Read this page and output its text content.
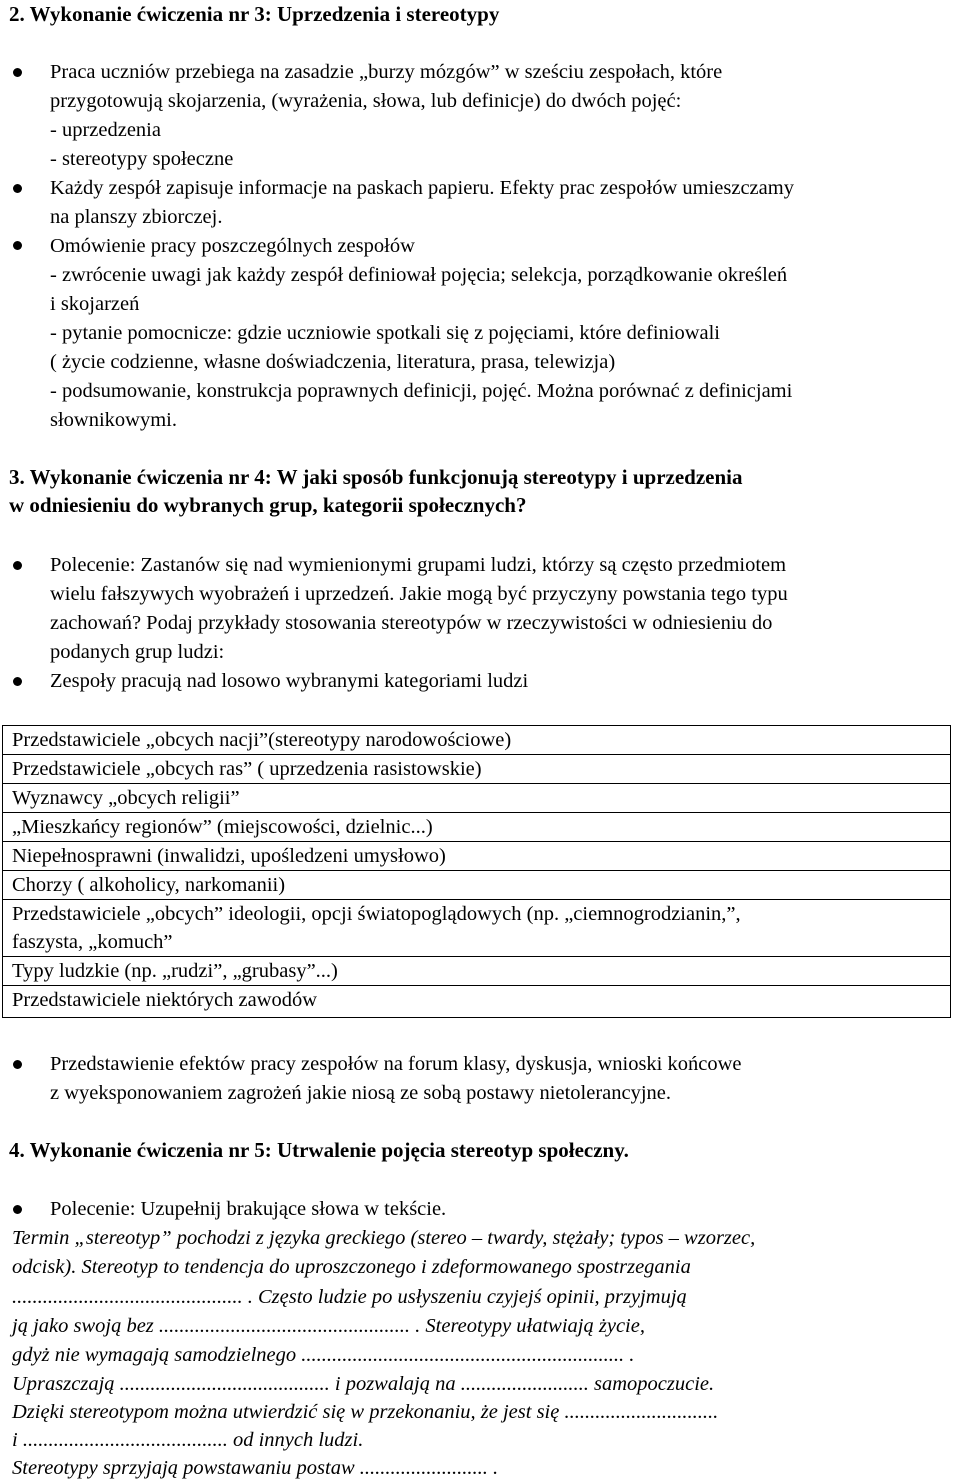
2. Wykonanie ćwiczenia nr 3: Uprzedzenia i stereotypy
Praca uczniów przebiega na zasadzie „burzy mózgów” w sześciu zespołach, które
przygotowują skojarzenia, (wyrażenia, słowa, lub definicje) do dwóch pojęć:
- uprzedzenia
- stereotypy społeczne
Każdy zespół zapisuje informacje na paskach papieru. Efekty prac zespołów umieszczamy
na planszy zbiorczej.
Omówienie pracy poszczególnych zespołów
- zwrócenie uwagi jak każdy zespół definiował pojęcia; selekcja, porządkowanie określeń
i skojarzeń
- pytanie pomocnicze: gdzie uczniowie spotkali się z pojęciami, które definiowali
( życie codzienne, własne doświadczenia, literatura, prasa, telewizja)
- podsumowanie, konstrukcja poprawnych definicji, pojęć. Można porównać z definicjami
słownikowymi.
3. Wykonanie ćwiczenia nr 4: W jaki sposób funkcjonują stereotypy i uprzedzenia
w odniesieniu do wybranych grup, kategorii społecznych?
Polecenie: Zastanów się nad wymienionymi grupami ludzi, którzy są często przedmiotem
wielu fałszywych wyobrażeń i uprzedzeń. Jakie mogą być przyczyny powstania tego typu
zachowań? Podaj przykłady stosowania stereotypów w rzeczywistości w odniesieniu do
podanych grup ludzi:
Zespoły pracują nad losowo wybranymi kategoriami ludzi
Przedstawiciele „obcych nacji”(stereotypy narodowościowe)
Przedstawiciele „obcych ras” ( uprzedzenia rasistowskie)
Wyznawcy „obcych religii”
„Mieszkańcy regionów” (miejscowości, dzielnic...)
Niepełnosprawni (inwalidzi, upośledzeni umysłowo)
Chorzy ( alkoholicy, narkomanii)
Przedstawiciele „obcych” ideologii, opcji światopoglądowych (np. „ciemnogrodzianin,”,
faszysta, „komuch”
Typy ludzkie (np. „rudzi”, „grubasy”...)
Przedstawiciele niektórych zawodów
Przedstawienie efektów pracy zespołów na forum klasy, dyskusja, wnioski końcowe
z wyeksponowaniem zagrożeń jakie niosą ze sobą postawy nietolerancyjne.
4. Wykonanie ćwiczenia nr 5: Utrwalenie pojęcia stereotyp społeczny.
Polecenie: Uzupełnij brakujące słowa w tekście.
Termin „stereotyp” pochodzi z języka greckiego (stereo – twardy, stężały; typos – wzorzec,
odcisk). Stereotyp to tendencja do uproszczonego i zdeformowanego spostrzegania
............................................. . Często ludzie po usłyszeniu czyjejś opinii, przyjmują
ją jako swoją bez ................................................. . Stereotypy ułatwiają życie,
gdyż nie wymagają samodzielnego ............................................................... .
Upraszczają ......................................... i pozwalają na ......................... samopoczucie.
Dzięki stereotypom można utwierdzić się w przekonaniu, że jest się ..............................
i ........................................ od innych ludzi.
Stereotypy sprzyjają powstawaniu postaw ......................... .
